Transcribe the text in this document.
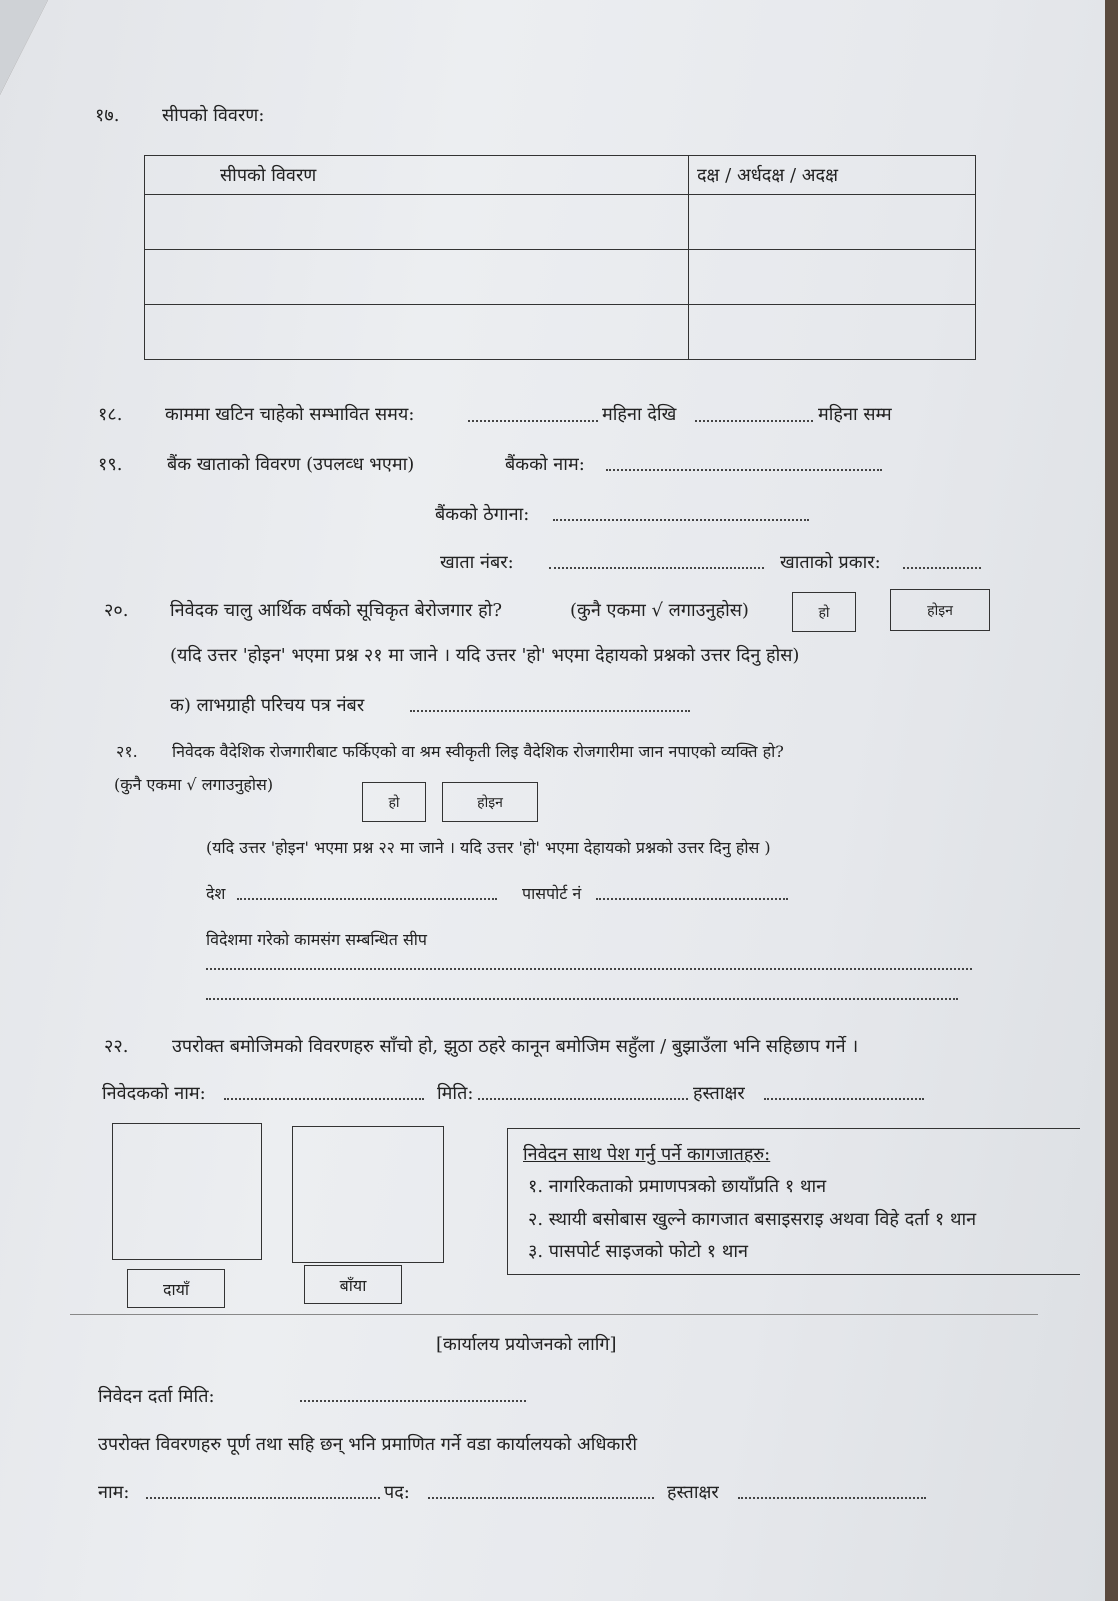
१७. सीपको विवरण:
सीपको विवरण	दक्ष / अर्धदक्ष / अदक्ष

१८. काममा खटिन चाहेको सम्भावित समय:	महिना देखि	महिना सम्म
१९. बैंक खाताको विवरण (उपलव्ध भएमा)	बैंकको नाम:
बैंकको ठेगाना:
खाता नंबर:	खाताको प्रकार:
२०. निवेदक चालु आर्थिक वर्षको सूचिकृत बेरोजगार हो?	(कुनै एकमा √ लगाउनुहोस)	हो	होइन
(यदि उत्तर 'होइन' भएमा प्रश्न २१ मा जाने । यदि उत्तर 'हो' भएमा देहायको प्रश्नको उत्तर दिनु होस)
क) लाभग्राही परिचय पत्र नंबर
२१. निवेदक वैदेशिक रोजगारीबाट फर्किएको वा श्रम स्वीकृती लिइ वैदेशिक रोजगारीमा जान नपाएको व्यक्ति हो?
(कुनै एकमा √ लगाउनुहोस)
हो	होइन
(यदि उत्तर 'होइन' भएमा प्रश्न २२ मा जाने । यदि उत्तर 'हो' भएमा देहायको प्रश्नको उत्तर दिनु होस )
देश	पासपोर्ट नं
विदेशमा गरेको कामसंग सम्बन्धित सीप
२२. उपरोक्त बमोजिमको विवरणहरु साँचो हो, झुठा ठहरे कानून बमोजिम सहुँला / बुझाउँला भनि सहिछाप गर्ने ।
निवेदकको नाम:	मिति:	हस्ताक्षर
दायाँ	बाँया
निवेदन साथ पेश गर्नु पर्ने कागजातहरु:
१. नागरिकताको प्रमाणपत्रको छायाँप्रति १ थान
२. स्थायी बसोबास खुल्ने कागजात बसाइसराइ अथवा विहे दर्ता १ थान
३. पासपोर्ट साइजको फोटो १ थान
[कार्यालय प्रयोजनको लागि]
निवेदन दर्ता मिति:
उपरोक्त विवरणहरु पूर्ण तथा सहि छन् भनि प्रमाणित गर्ने वडा कार्यालयको अधिकारी
नाम:	पद:	हस्ताक्षर
